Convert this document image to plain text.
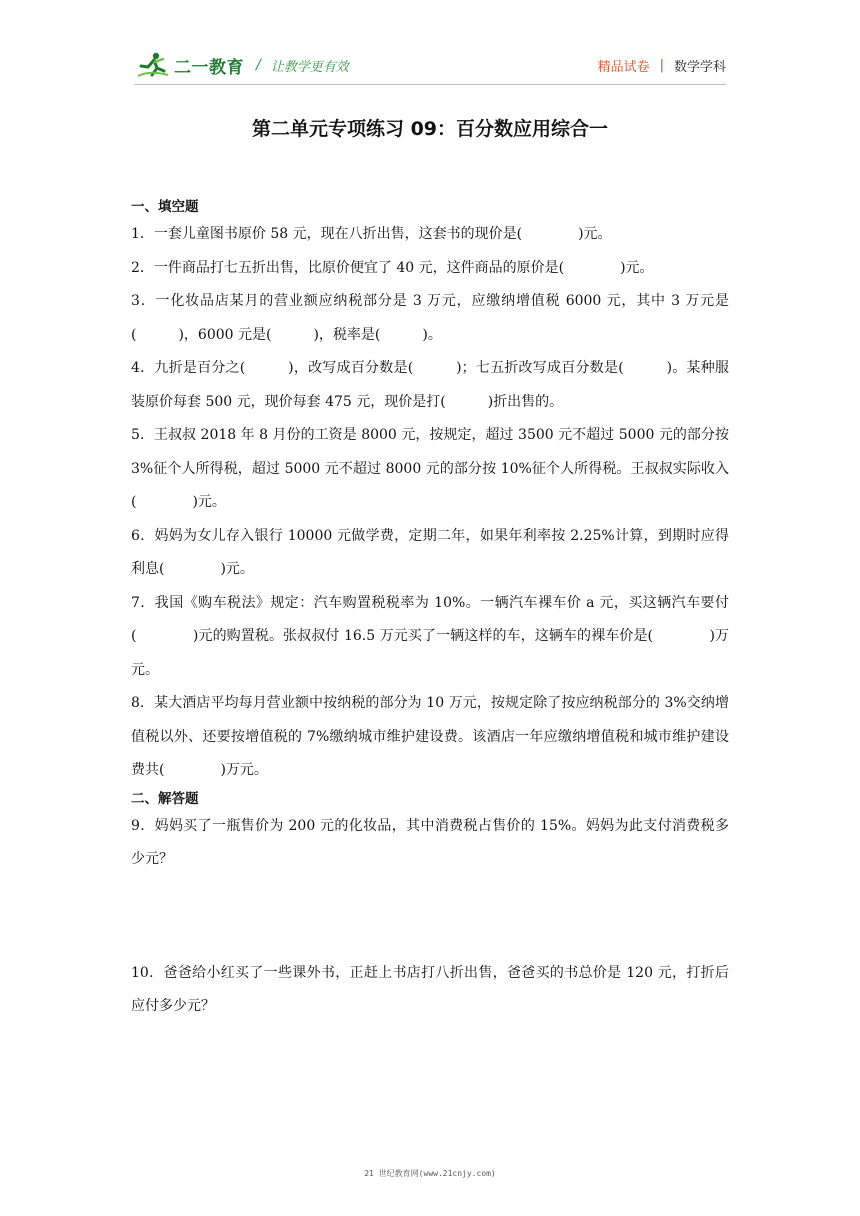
二一教育 / 让教学更有效	精品试卷 | 数学学科
第二单元专项练习 09：百分数应用综合一
一、填空题

1．一套儿童图书原价 58 元，现在八折出售，这套书的现价是(　　　　)元。

2．一件商品打七五折出售，比原价便宜了 40 元，这件商品的原价是(　　　　)元。

3．一化妆品店某月的营业额应纳税部分是 3 万元，应缴纳增值税 6000 元，其中 3 万元是(　　　)，6000 元是(　　　)，税率是(　　　)。

4．九折是百分之(　　　)，改写成百分数是(　　　)；七五折改写成百分数是(　　　)。某种服装原价每套 500 元，现价每套 475 元，现价是打(　　　)折出售的。

5．王叔叔 2018 年 8 月份的工资是 8000 元，按规定，超过 3500 元不超过 5000 元的部分按 3%征个人所得税，超过 5000 元不超过 8000 元的部分按 10%征个人所得税。王叔叔实际收入(　　　　)元。

6．妈妈为女儿存入银行 10000 元做学费，定期二年，如果年利率按 2.25%计算，到期时应得利息(　　　　)元。

7．我国《购车税法》规定：汽车购置税税率为 10%。一辆汽车裸车价 a 元，买这辆汽车要付(　　　　)元的购置税。张叔叔付 16.5 万元买了一辆这样的车，这辆车的裸车价是(　　　　)万元。

8．某大酒店平均每月营业额中按纳税的部分为 10 万元，按规定除了按应纳税部分的 3%交纳增值税以外、还要按增值税的 7%缴纳城市维护建设费。该酒店一年应缴纳增值税和城市维护建设费共(　　　　)万元。

二、解答题

9．妈妈买了一瓶售价为 200 元的化妆品，其中消费税占售价的 15%。妈妈为此支付消费税多少元？

10．爸爸给小红买了一些课外书，正赶上书店打八折出售，爸爸买的书总价是 120 元，打折后应付多少元？

21 世纪教育网(www.21cnjy.com)
